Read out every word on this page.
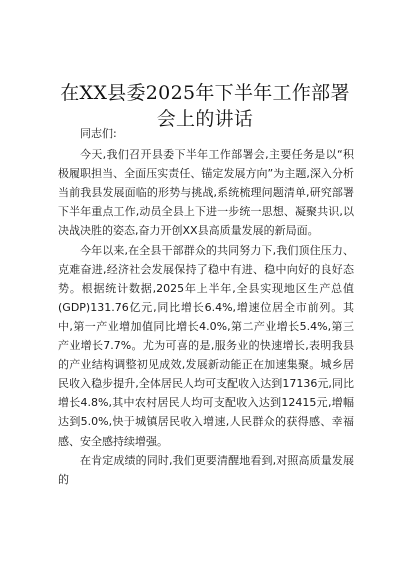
在XX县委2025年下半年工作部署会上的讲话

同志们:

今天,我们召开县委下半年工作部署会,主要任务是以“积极履职担当、全面压实责任、锚定发展方向”为主题,深入分析当前我县发展面临的形势与挑战,系统梳理问题清单,研究部署下半年重点工作,动员全县上下进一步统一思想、凝聚共识,以决战决胜的姿态,奋力开创XX县高质量发展的新局面。

今年以来,在全县干部群众的共同努力下,我们顶住压力、克难奋进,经济社会发展保持了稳中有进、稳中向好的良好态势。根据统计数据,2025年上半年,全县实现地区生产总值(GDP)131.76亿元,同比增长6.4%,增速位居全市前列。其中,第一产业增加值同比增长4.0%,第二产业增长5.4%,第三产业增长7.7%。尤为可喜的是,服务业的快速增长,表明我县的产业结构调整初见成效,发展新动能正在加速集聚。城乡居民收入稳步提升,全体居民人均可支配收入达到17136元,同比增长4.8%,其中农村居民人均可支配收入达到12415元,增幅达到5.0%,快于城镇居民收入增速,人民群众的获得感、幸福感、安全感持续增强。

在肯定成绩的同时,我们更要清醒地看到,对照高质量发展的
